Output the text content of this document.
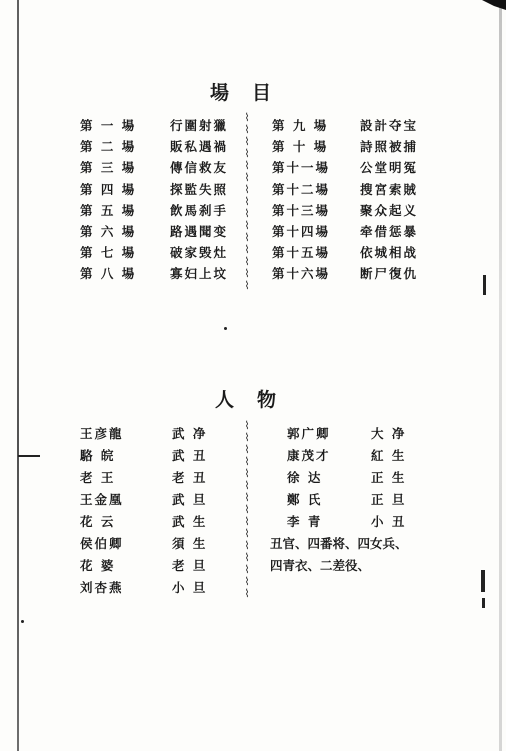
場　目
第 一 場	行圍射獵
第 二 場	販私遇禍
第 三 場	傳信救友
第 四 場	探監失照
第 五 場	飲馬刹手
第 六 場	路遇聞变
第 七 場	破家毁灶
第 八 場	寡妇上坟
第 九 場	設計夺宝
第 十 場	詩照被捕
第十一場 公堂明冤
第十二場 搜宮索賊
第十三場 聚众起义
第十四場 牵借惩暴
第十五場 依城相战
第十六場 断尸復仇
⌇
⌇
⌇
⌇
⌇
⌇
⌇
⌇
⌇
⌇
⌇
⌇
⌇
⌇
⌇

人　物
王彦龍	武 净
駱 皖	武 丑
老 王	老 丑
王金凰	武 旦
花 云	武 生
侯伯卿	須 生
花 婆	老 旦
刘杏燕	小 旦
郭广卿	大 净
康茂才	紅 生
徐 达	正 生
鄭 氏	正 旦
李 青	小 丑
丑官、四番将、四女兵、
四青衣、二差役、
⌇
⌇
⌇
⌇
⌇
⌇
⌇
⌇
⌇
⌇
⌇
⌇
⌇
⌇
⌇
